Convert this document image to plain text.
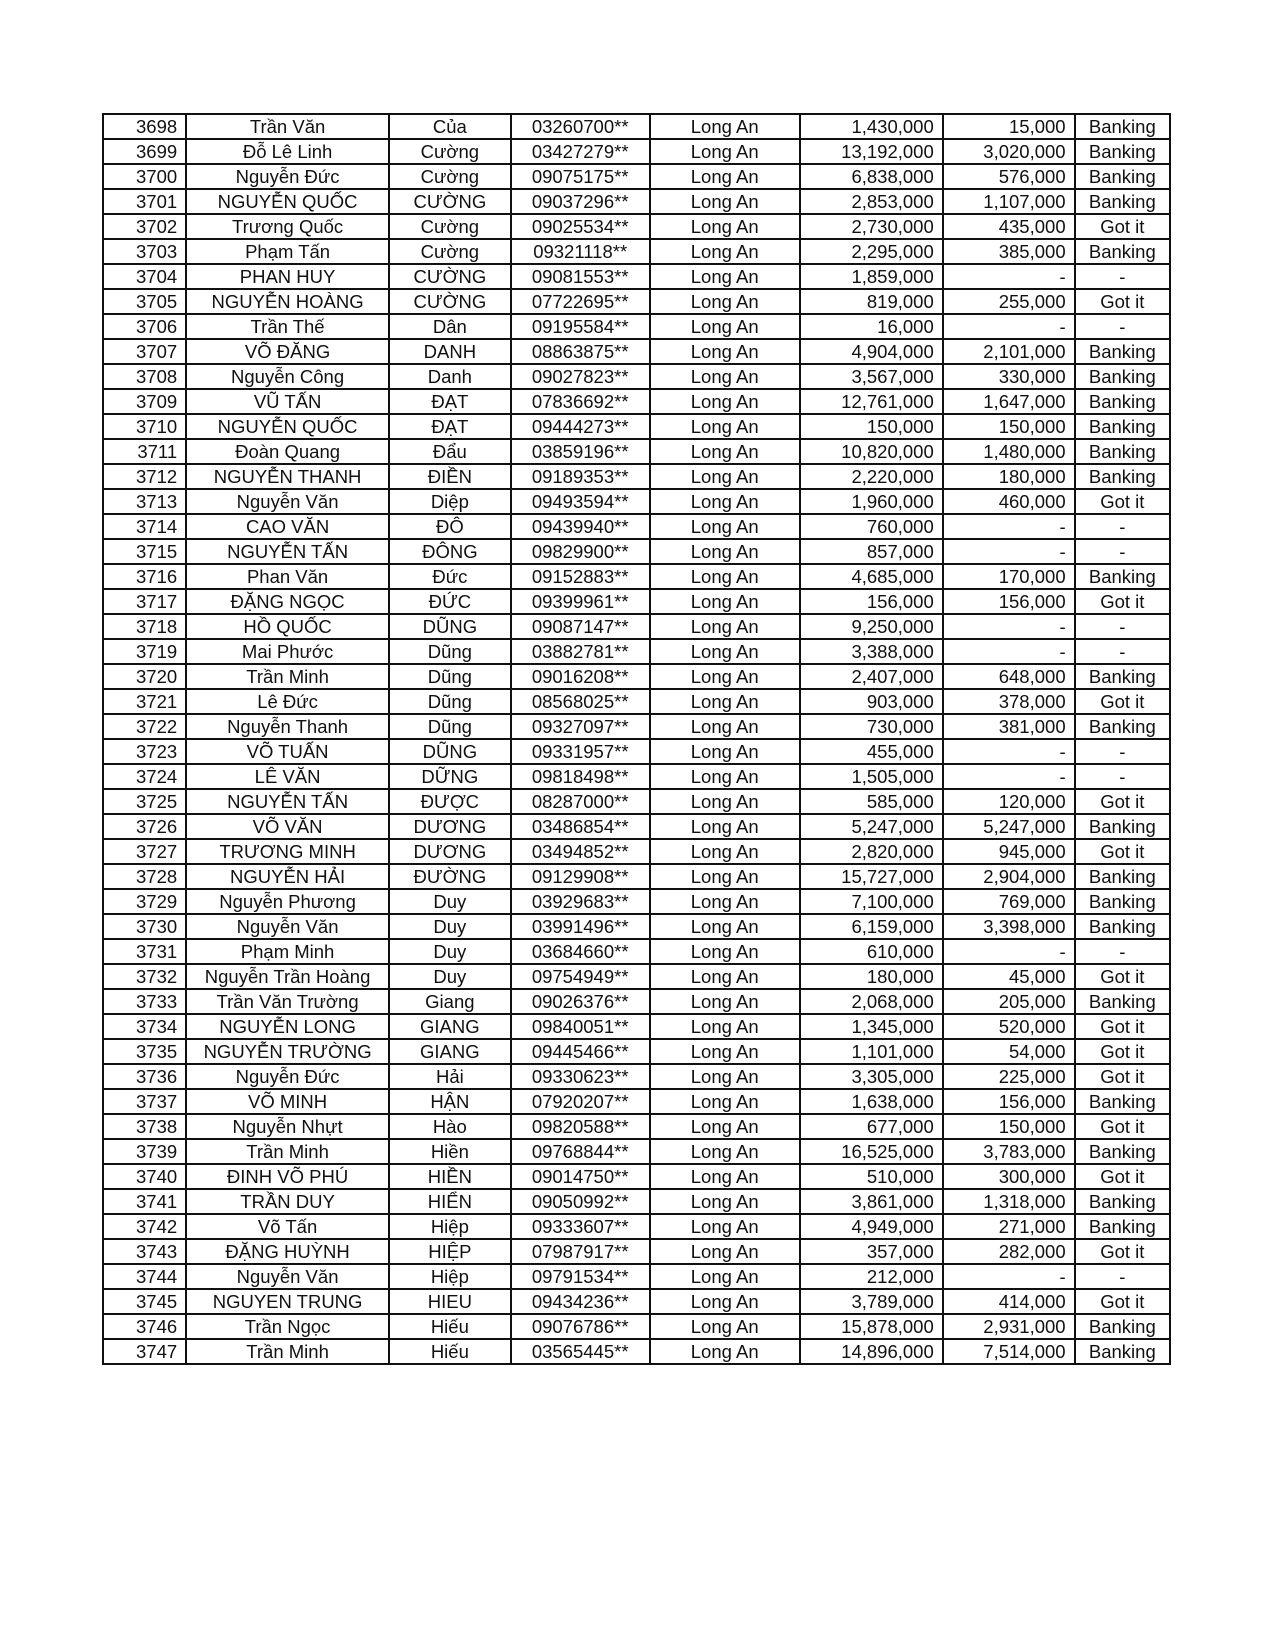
3698	Trần Văn	Của	03260700**	Long An	1,430,000	15,000	Banking
3699	Đỗ Lê Linh	Cường	03427279**	Long An	13,192,000	3,020,000	Banking
3700	Nguyễn Đức	Cường	09075175**	Long An	6,838,000	576,000	Banking
3701	NGUYỄN QUỐC	CƯỜNG	09037296**	Long An	2,853,000	1,107,000	Banking
3702	Trương Quốc	Cường	09025534**	Long An	2,730,000	435,000	Got it
3703	Phạm Tấn	Cường	09321118**	Long An	2,295,000	385,000	Banking
3704	PHAN HUY	CƯỜNG	09081553**	Long An	1,859,000	-	-
3705	NGUYỄN HOÀNG	CƯỜNG	07722695**	Long An	819,000	255,000	Got it
3706	Trần Thế	Dân	09195584**	Long An	16,000	-	-
3707	VÕ ĐĂNG	DANH	08863875**	Long An	4,904,000	2,101,000	Banking
3708	Nguyễn Công	Danh	09027823**	Long An	3,567,000	330,000	Banking
3709	VŨ TẤN	ĐẠT	07836692**	Long An	12,761,000	1,647,000	Banking
3710	NGUYỄN QUỐC	ĐẠT	09444273**	Long An	150,000	150,000	Banking
3711	Đoàn Quang	Đẩu	03859196**	Long An	10,820,000	1,480,000	Banking
3712	NGUYỄN THANH	ĐIỀN	09189353**	Long An	2,220,000	180,000	Banking
3713	Nguyễn Văn	Diệp	09493594**	Long An	1,960,000	460,000	Got it
3714	CAO VĂN	ĐÔ	09439940**	Long An	760,000	-	-
3715	NGUYỄN TẤN	ĐÔNG	09829900**	Long An	857,000	-	-
3716	Phan Văn	Đức	09152883**	Long An	4,685,000	170,000	Banking
3717	ĐẶNG NGỌC	ĐỨC	09399961**	Long An	156,000	156,000	Got it
3718	HỒ QUỐC	DŨNG	09087147**	Long An	9,250,000	-	-
3719	Mai Phước	Dũng	03882781**	Long An	3,388,000	-	-
3720	Trần Minh	Dũng	09016208**	Long An	2,407,000	648,000	Banking
3721	Lê Đức	Dũng	08568025**	Long An	903,000	378,000	Got it
3722	Nguyễn Thanh	Dũng	09327097**	Long An	730,000	381,000	Banking
3723	VÕ TUẤN	DŨNG	09331957**	Long An	455,000	-	-
3724	LÊ VĂN	DỮNG	09818498**	Long An	1,505,000	-	-
3725	NGUYỄN TẤN	ĐƯỢC	08287000**	Long An	585,000	120,000	Got it
3726	VÕ VĂN	DƯƠNG	03486854**	Long An	5,247,000	5,247,000	Banking
3727	TRƯƠNG MINH	DƯƠNG	03494852**	Long An	2,820,000	945,000	Got it
3728	NGUYỄN HẢI	ĐƯỜNG	09129908**	Long An	15,727,000	2,904,000	Banking
3729	Nguyễn Phương	Duy	03929683**	Long An	7,100,000	769,000	Banking
3730	Nguyễn Văn	Duy	03991496**	Long An	6,159,000	3,398,000	Banking
3731	Phạm Minh	Duy	03684660**	Long An	610,000	-	-
3732	Nguyễn Trần Hoàng	Duy	09754949**	Long An	180,000	45,000	Got it
3733	Trần Văn Trường	Giang	09026376**	Long An	2,068,000	205,000	Banking
3734	NGUYỄN LONG	GIANG	09840051**	Long An	1,345,000	520,000	Got it
3735	NGUYỄN TRƯỜNG	GIANG	09445466**	Long An	1,101,000	54,000	Got it
3736	Nguyễn Đức	Hải	09330623**	Long An	3,305,000	225,000	Got it
3737	VÕ MINH	HẬN	07920207**	Long An	1,638,000	156,000	Banking
3738	Nguyễn Nhựt	Hào	09820588**	Long An	677,000	150,000	Got it
3739	Trần Minh	Hiền	09768844**	Long An	16,525,000	3,783,000	Banking
3740	ĐINH VÕ PHÚ	HIỀN	09014750**	Long An	510,000	300,000	Got it
3741	TRẦN DUY	HIỂN	09050992**	Long An	3,861,000	1,318,000	Banking
3742	Võ Tấn	Hiệp	09333607**	Long An	4,949,000	271,000	Banking
3743	ĐẶNG HUỲNH	HIỆP	07987917**	Long An	357,000	282,000	Got it
3744	Nguyễn Văn	Hiệp	09791534**	Long An	212,000	-	-
3745	NGUYEN TRUNG	HIEU	09434236**	Long An	3,789,000	414,000	Got it
3746	Trần Ngọc	Hiếu	09076786**	Long An	15,878,000	2,931,000	Banking
3747	Trần Minh	Hiếu	03565445**	Long An	14,896,000	7,514,000	Banking
